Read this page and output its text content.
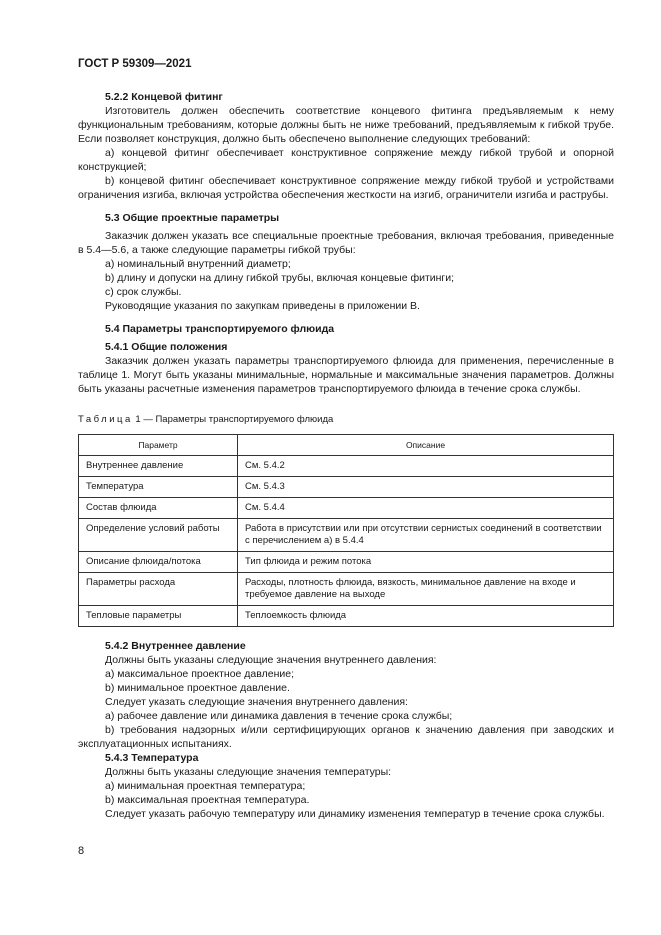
ГОСТ Р 59309—2021

5.2.2 Концевой фитинг

Изготовитель должен обеспечить соответствие концевого фитинга предъявляемым к нему функциональным требованиям, которые должны быть не ниже требований, предъявляемым к гибкой трубе. Если позволяет конструкция, должно быть обеспечено выполнение следующих требований:

a) концевой фитинг обеспечивает конструктивное сопряжение между гибкой трубой и опорной конструкцией;

b) концевой фитинг обеспечивает конструктивное сопряжение между гибкой трубой и устройствами ограничения изгиба, включая устройства обеспечения жесткости на изгиб, ограничители изгиба и раструбы.

5.3 Общие проектные параметры

Заказчик должен указать все специальные проектные требования, включая требования, приведенные в 5.4—5.6, а также следующие параметры гибкой трубы:

a) номинальный внутренний диаметр;

b) длину и допуски на длину гибкой трубы, включая концевые фитинги;

c) срок службы.

Руководящие указания по закупкам приведены в приложении В.

5.4 Параметры транспортируемого флюида

5.4.1 Общие положения

Заказчик должен указать параметры транспортируемого флюида для применения, перечисленные в таблице 1. Могут быть указаны минимальные, нормальные и максимальные значения параметров. Должны быть указаны расчетные изменения параметров транспортируемого флюида в течение срока службы.

Таблица 1 — Параметры транспортируемого флюида

Параметр	Описание
Внутреннее давление	См. 5.4.2
Температура	См. 5.4.3
Состав флюида	См. 5.4.4
Определение условий работы	Работа в присутствии или при отсутствии сернистых соединений в соответствии с перечислением а) в 5.4.4
Описание флюида/потока	Тип флюида и режим потока
Параметры расхода	Расходы, плотность флюида, вязкость, минимальное давление на входе и требуемое давление на выходе
Тепловые параметры	Теплоемкость флюида

5.4.2 Внутреннее давление

Должны быть указаны следующие значения внутреннего давления:

a) максимальное проектное давление;

b) минимальное проектное давление.

Следует указать следующие значения внутреннего давления:

a) рабочее давление или динамика давления в течение срока службы;

b) требования надзорных и/или сертифицирующих органов к значению давления при заводских и эксплуатационных испытаниях.

5.4.3 Температура

Должны быть указаны следующие значения температуры:

a) минимальная проектная температура;

b) максимальная проектная температура.

Следует указать рабочую температуру или динамику изменения температур в течение срока службы.

8
